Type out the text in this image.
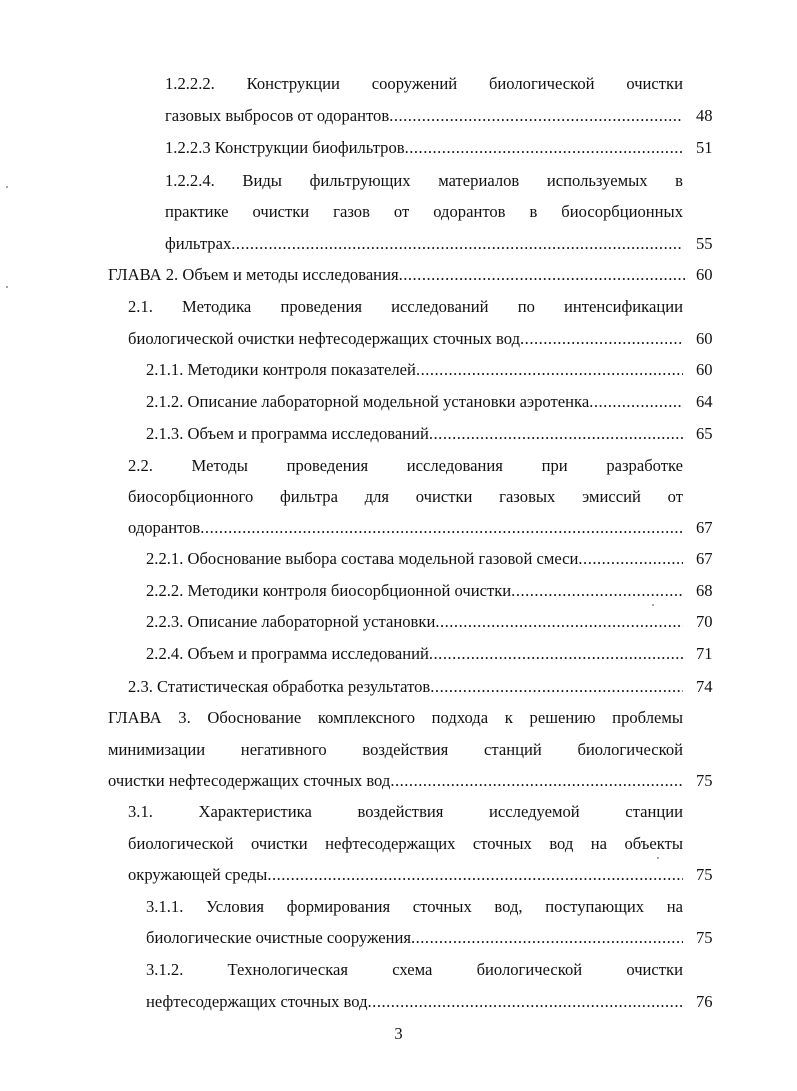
1.2.2.2. Конструкции сооружений биологической очистки
газовых выбросов от одорантов .....	48
1.2.2.3 Конструкции биофильтров .....	51
1.2.2.4. Виды фильтрующих материалов используемых в
практике очистки газов от одорантов в биосорбционных
фильтрах .....	55
ГЛАВА 2. Объем и методы исследования .....	60
2.1. Методика проведения исследований по интенсификации
биологической очистки нефтесодержащих сточных вод .....	60
2.1.1. Методики контроля показателей .....	60
2.1.2. Описание лабораторной модельной установки аэротенка .....	64
2.1.3. Объем и программа исследований .....	65
2.2. Методы проведения исследования при разработке
биосорбционного фильтра для очистки газовых эмиссий от
одорантов .....	67
2.2.1. Обоснование выбора состава модельной газовой смеси .....	67
2.2.2. Методики контроля биосорбционной очистки .....	68
2.2.3. Описание лабораторной установки .....	70
2.2.4. Объем и программа исследований .....	71
2.3. Статистическая обработка результатов .....	74
ГЛАВА 3. Обоснование комплексного подхода к решению проблемы
минимизации негативного воздействия станций биологической
очистки нефтесодержащих сточных вод .....	75
3.1. Характеристика воздействия исследуемой станции
биологической очистки нефтесодержащих сточных вод на объекты
окружающей среды .....	75
3.1.1. Условия формирования сточных вод, поступающих на
биологические очистные сооружения .....	75
3.1.2. Технологическая схема биологической очистки
нефтесодержащих сточных вод .....	76
3
